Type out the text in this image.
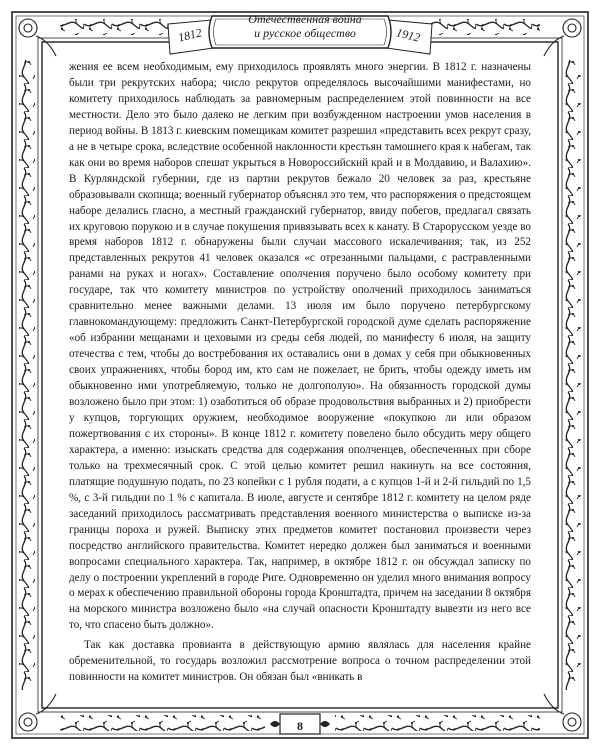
Отечественная война
и русское общество
1812	1912

жения ее всем необходимым, ему приходилось проявлять много энергии. В 1812 г. назначены были три рекрутских набора; число рекрутов определялось высочайшими манифестами, но комитету приходилось наблюдать за равномерным распределением этой повинности на все местности. Дело это было далеко не легким при возбужденном настроении умов населения в период войны. В 1813 г. киевским помещикам комитет разрешил «представить всех рекрут сразу, а не в четыре срока, вследствие особенной наклонности крестьян тамошнего края к набегам, так как они во время наборов спешат укрыться в Новороссийский край и в Молдавию, и Валахию». В Курляндской губернии, где из партии рекрутов бежало 20 человек за раз, крестьяне образовывали скопища; военный губернатор объяснял это тем, что распоряжения о предстоящем наборе делались гласно, а местный гражданский губернатор, ввиду побегов, предлагал связать их круговою порукою и в случае покушения привязывать всех к канату. В Старорусском уезде во время наборов 1812 г. обнаружены были случаи массового искалечивания; так, из 252 представленных рекрутов 41 человек оказался «с отрезанными пальцами, с растравленными ранами на руках и ногах». Составление ополчения поручено было особому комитету при государе, так что комитету министров по устройству ополчений приходилось заниматься сравнительно менее важными делами. 13 июля им было поручено петербургскому главнокомандующему: предложить Санкт-Петербургской городской думе сделать распоряжение «об избрании мещанами и цеховыми из среды себя людей, по манифесту 6 июля, на защиту отечества с тем, чтобы до востребования их оставались они в домах у себя при обыкновенных своих упражнениях, чтобы бород им, кто сам не пожелает, не брить, чтобы одежду иметь им обыкновенно ими употребляемую, только не долгополую». На обязанность городской думы возложено было при этом: 1) озаботиться об образе продовольствия выбранных и 2) приобрести у купцов, торгующих оружием, необходимое вооружение «покупкою ли или образом пожертвования с их стороны». В конце 1812 г. комитету повелено было обсудить меру общего характера, а именно: изыскать средства для содержания ополченцев, обеспеченных при сборе только на трехмесячный срок. С этой целью комитет решил накинуть на все состояния, платящие подушную подать, по 23 копейки с 1 рубля подати, а с купцов 1-й и 2-й гильдий по 1,5 %, с 3-й гильдии по 1 % с капитала. В июле, августе и сентябре 1812 г. комитету на целом ряде заседаний приходилось рассматривать представления военного министерства о выписке из-за границы пороха и ружей. Выписку этих предметов комитет постановил произвести через посредство английского правительства. Комитет нередко должен был заниматься и военными вопросами специального характера. Так, например, в октябре 1812 г. он обсуждал записку по делу о построении укреплений в городе Риге. Одновременно он уделил много внимания вопросу о мерах к обеспечению правильной обороны города Кронштадта, причем на заседании 8 октября на морского министра возложено было «на случай опасности Кронштадту вывезти из него все то, что спасено быть должно».

Так как доставка провианта в действующую армию являлась для населения крайне обременительной, то государь возложил рассмотрение вопроса о точном распределении этой повинности на комитет министров. Он обязан был «вникать в

8
